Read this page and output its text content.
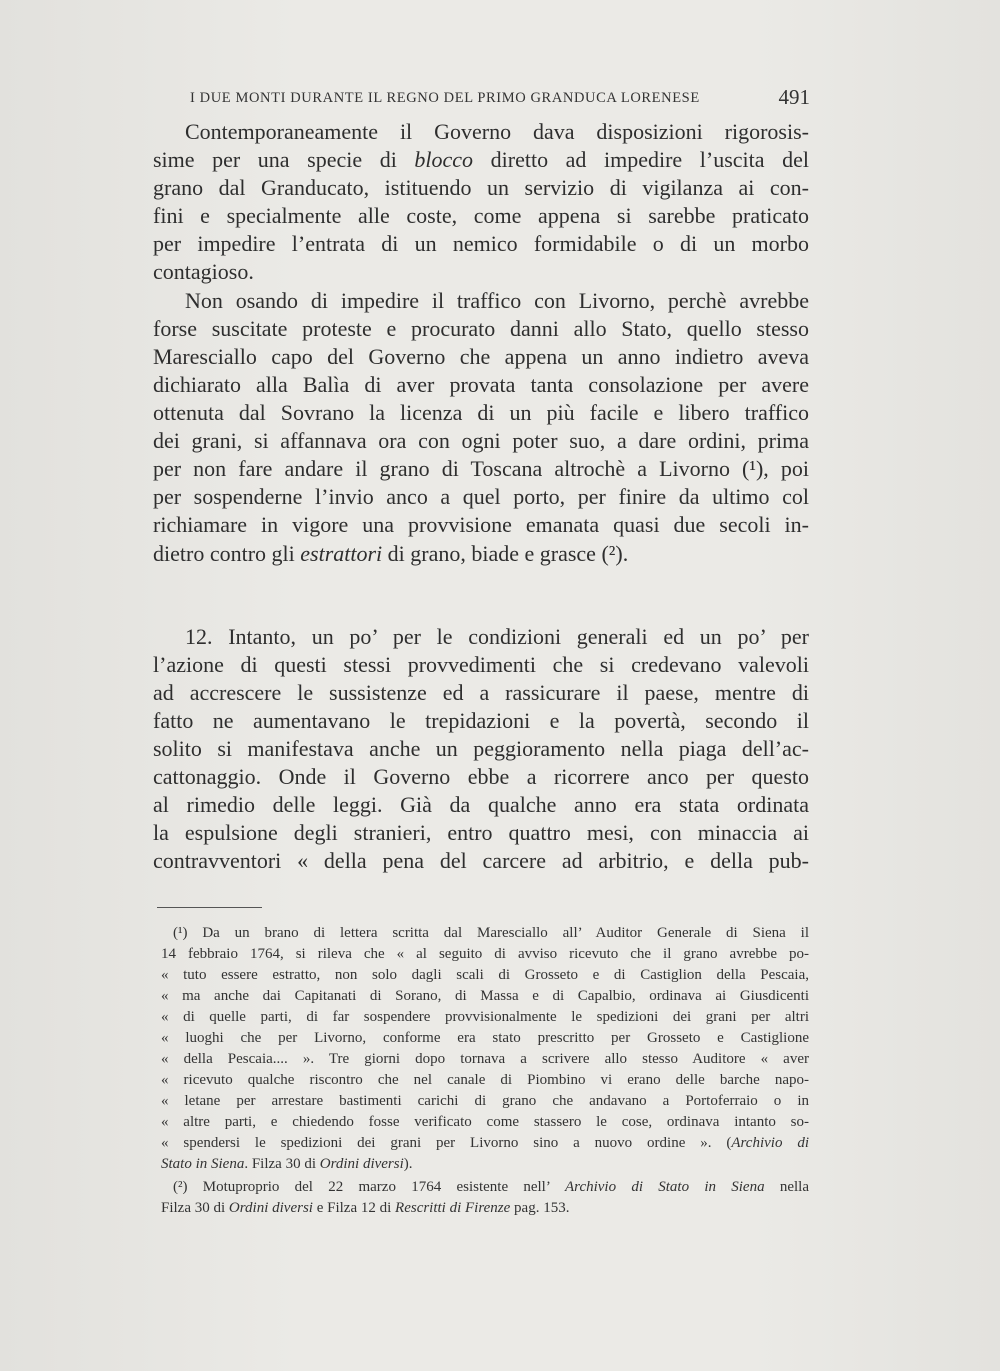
I DUE MONTI DURANTE IL REGNO DEL PRIMO GRANDUCA LORENESE	491
Contemporaneamente il Governo dava disposizioni rigorosis-
sime per una specie di blocco diretto ad impedire l’uscita del
grano dal Granducato, istituendo un servizio di vigilanza ai con-
fini e specialmente alle coste, come appena si sarebbe praticato
per impedire l’entrata di un nemico formidabile o di un morbo
contagioso.
Non osando di impedire il traffico con Livorno, perchè avrebbe
forse suscitate proteste e procurato danni allo Stato, quello stesso
Maresciallo capo del Governo che appena un anno indietro aveva
dichiarato alla Balìa di aver provata tanta consolazione per avere
ottenuta dal Sovrano la licenza di un più facile e libero traffico
dei grani, si affannava ora con ogni poter suo, a dare ordini, prima
per non fare andare il grano di Toscana altrochè a Livorno (¹), poi
per sospenderne l’invio anco a quel porto, per finire da ultimo col
richiamare in vigore una provvisione emanata quasi due secoli in-
dietro contro gli estrattori di grano, biade e grasce (²).
12. Intanto, un po’ per le condizioni generali ed un po’ per
l’azione di questi stessi provvedimenti che si credevano valevoli
ad accrescere le sussistenze ed a rassicurare il paese, mentre di
fatto ne aumentavano le trepidazioni e la povertà, secondo il
solito si manifestava anche un peggioramento nella piaga dell’ac-
cattonaggio. Onde il Governo ebbe a ricorrere anco per questo
al rimedio delle leggi. Già da qualche anno era stata ordinata
la espulsione degli stranieri, entro quattro mesi, con minaccia ai
contravventori « della pena del carcere ad arbitrio, e della pub-
(¹) Da un brano di lettera scritta dal Maresciallo all’ Auditor Generale di Siena il
14 febbraio 1764, si rileva che « al seguito di avviso ricevuto che il grano avrebbe po-
« tuto essere estratto, non solo dagli scali di Grosseto e di Castiglion della Pescaia,
« ma anche dai Capitanati di Sorano, di Massa e di Capalbio, ordinava ai Giusdicenti
« di quelle parti, di far sospendere provvisionalmente le spedizioni dei grani per altri
« luoghi che per Livorno, conforme era stato prescritto per Grosseto e Castiglione
« della Pescaia.... ». Tre giorni dopo tornava a scrivere allo stesso Auditore « aver
« ricevuto qualche riscontro che nel canale di Piombino vi erano delle barche napo-
« letane per arrestare bastimenti carichi di grano che andavano a Portoferraio o in
« altre parti, e chiedendo fosse verificato come stassero le cose, ordinava intanto so-
« spendersi le spedizioni dei grani per Livorno sino a nuovo ordine ». (Archivio di
Stato in Siena. Filza 30 di Ordini diversi).
(²) Motuproprio del 22 marzo 1764 esistente nell’ Archivio di Stato in Siena nella
Filza 30 di Ordini diversi e Filza 12 di Rescritti di Firenze pag. 153.
